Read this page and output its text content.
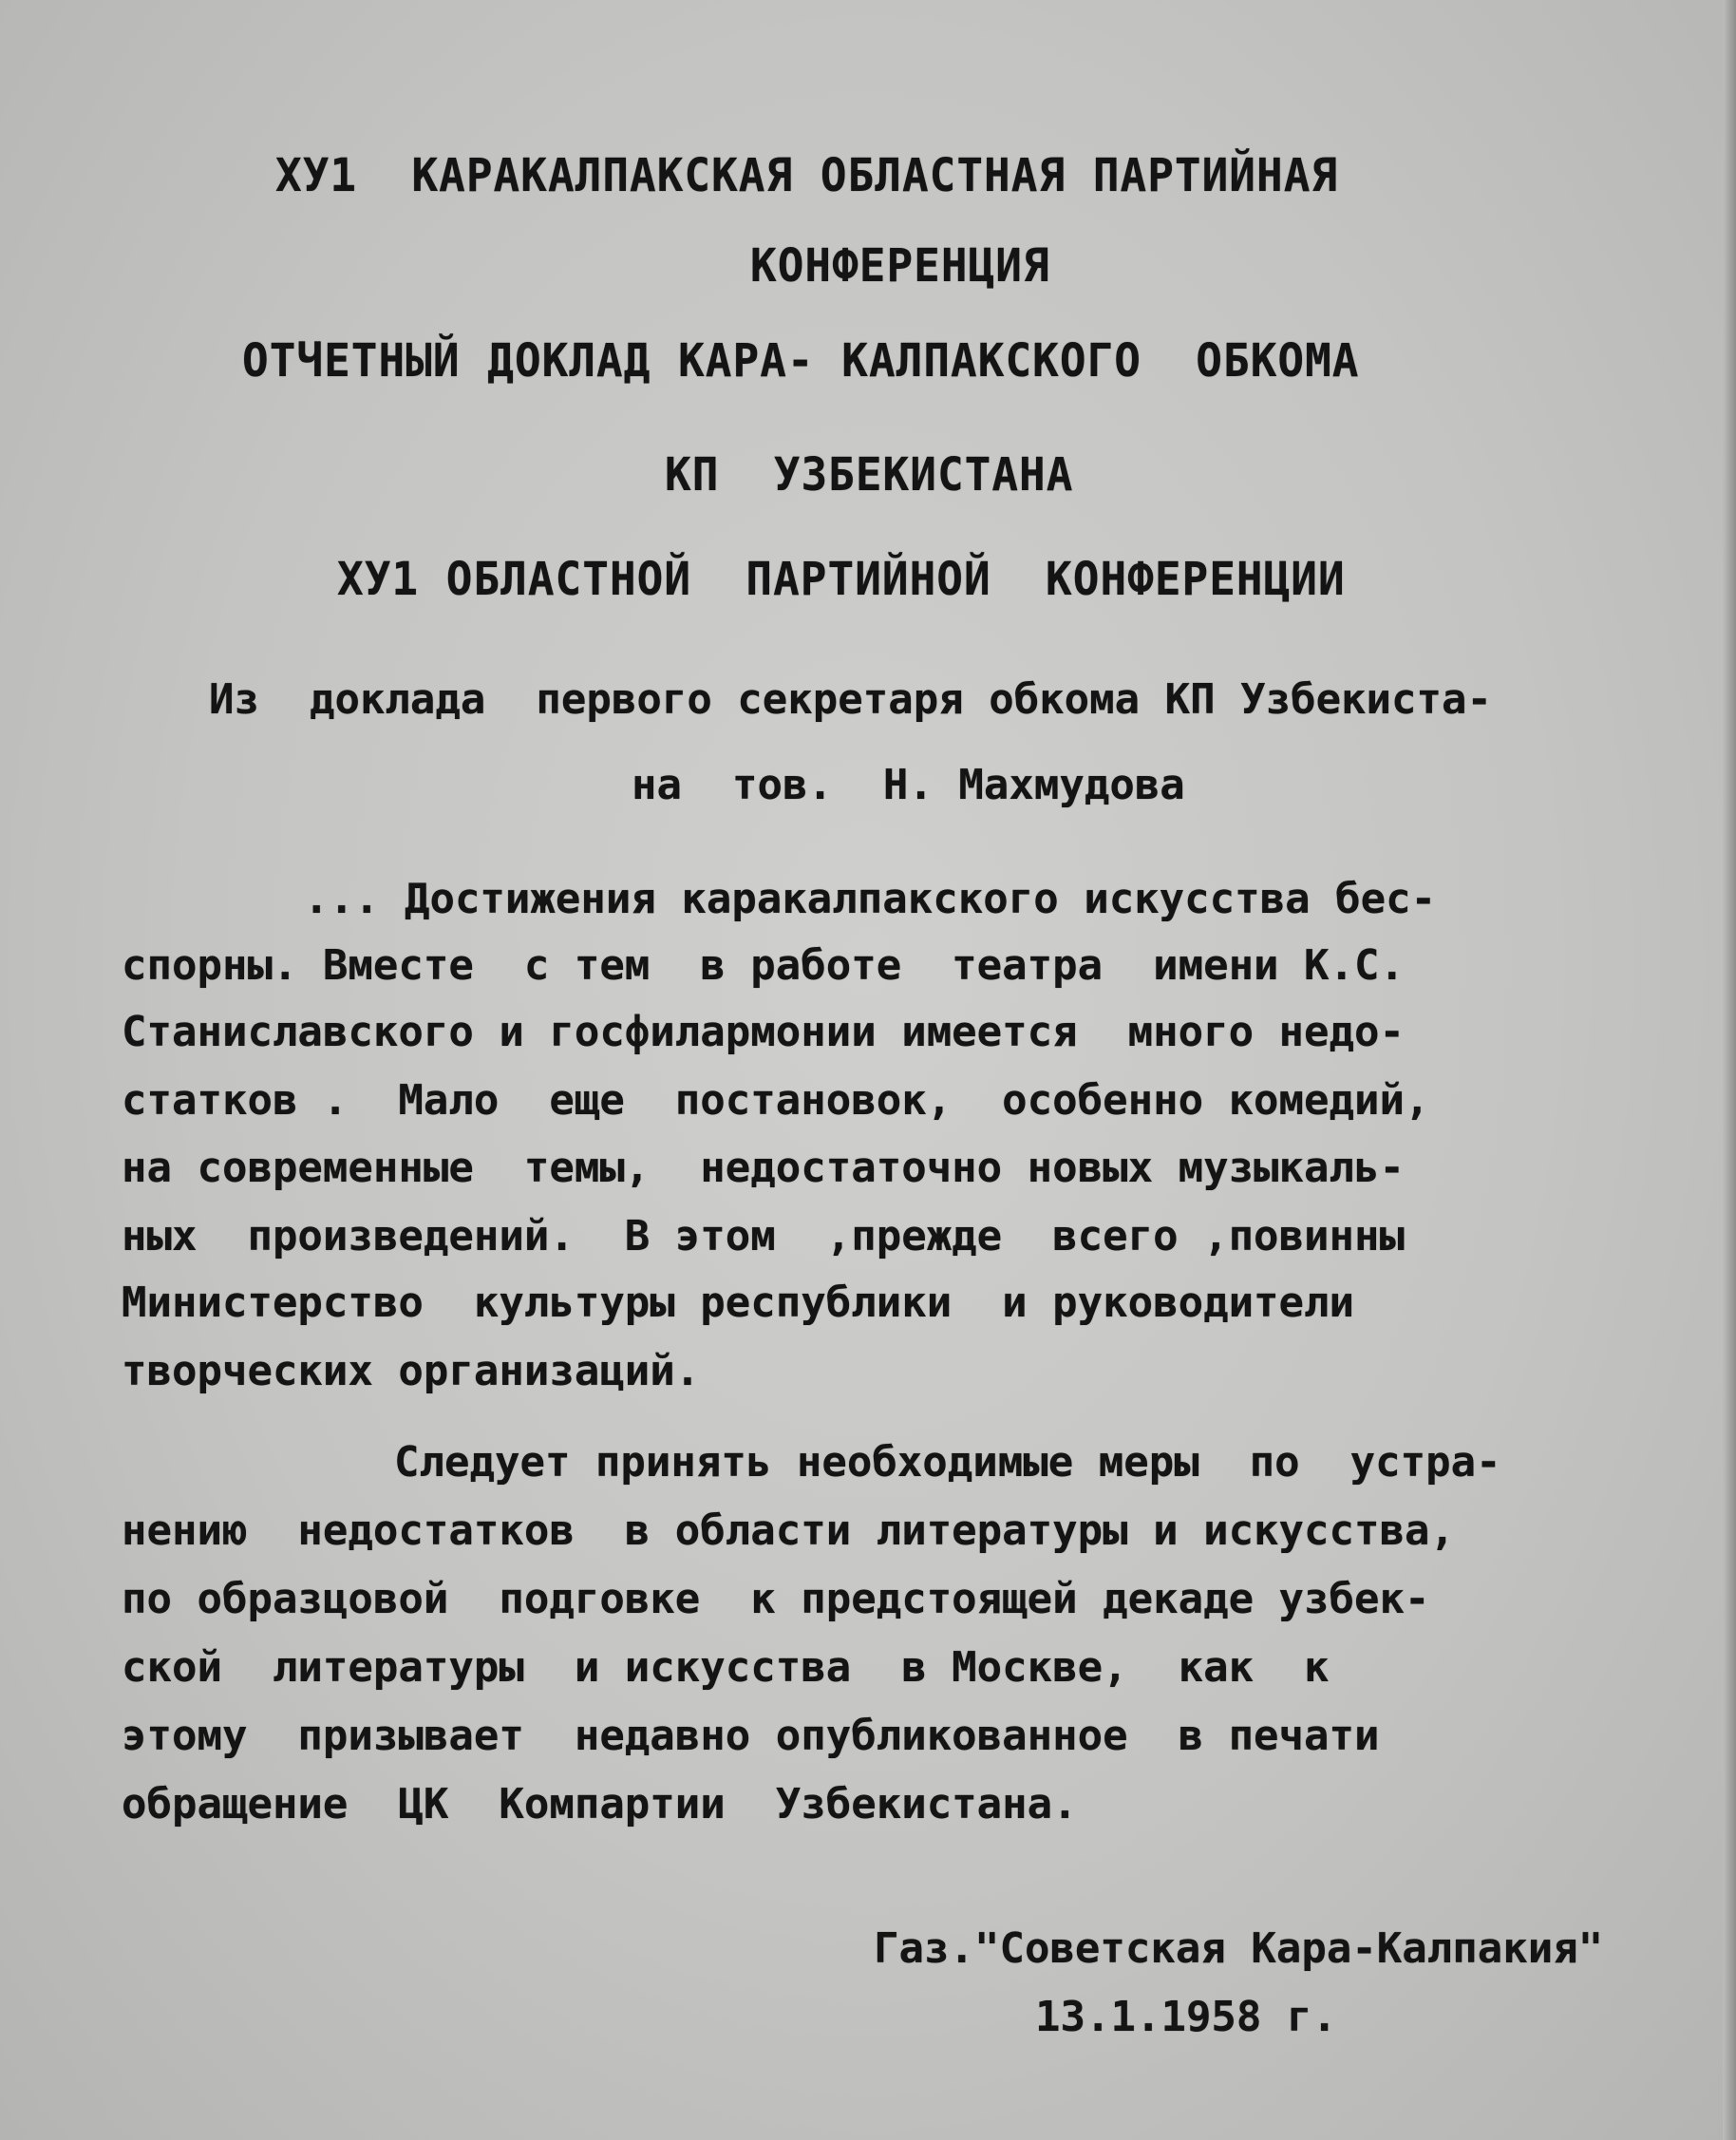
ХУ1  КАРАКАЛПАКСКАЯ ОБЛАСТНАЯ ПАРТИЙНАЯ
КОНФЕРЕНЦИЯ
ОТЧЕТНЫЙ ДОКЛАД КАРА- КАЛПАКСКОГО  ОБКОМА
КП  УЗБЕКИСТАНА
ХУ1 ОБЛАСТНОЙ  ПАРТИЙНОЙ  КОНФЕРЕНЦИИ
Из  доклада  первого секретаря обкома КП Узбекиста-
на  тов.  Н. Махмудова
... Достижения каракалпакского искусства бес-
спорны. Вместе  с тем  в работе  театра  имени К.С.
Станиславского и госфилармонии имеется  много недо-
статков .  Мало  еще  постановок,  особенно комедий,
на современные  темы,  недостаточно новых музыкаль-
ных  произведений.  В этом  ,прежде  всего ,повинны
Министерство  культуры республики  и руководители
творческих организаций.
Следует принять необходимые меры  по  устра-
нению  недостатков  в области литературы и искусства,
по образцовой  подговке  к предстоящей декаде узбек-
ской  литературы  и искусства  в Москве,  как  к
этому  призывает  недавно опубликованное  в печати
обращение  ЦК  Компартии  Узбекистана.
Газ."Советская Кара-Калпакия"
13.1.1958 г.
